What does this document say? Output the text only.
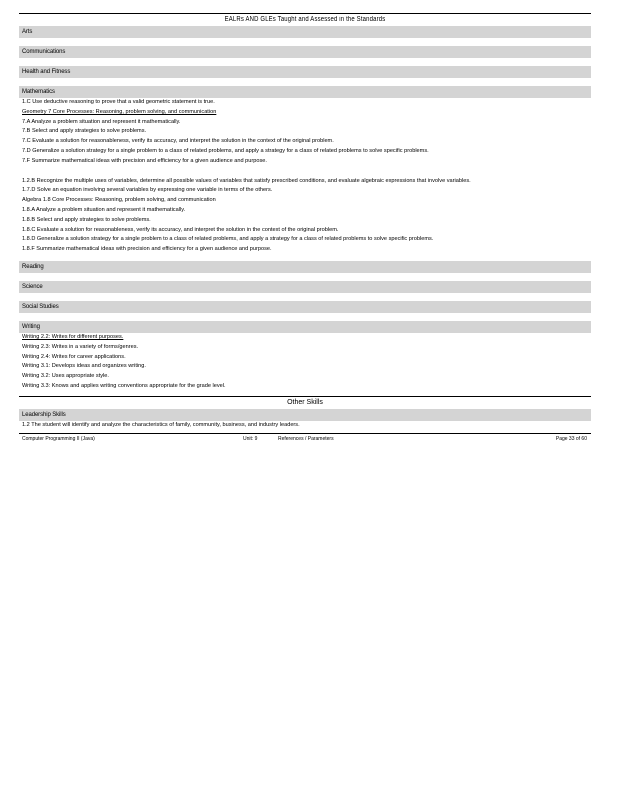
EALRs AND GLEs Taught and Assessed in the Standards
Arts
Communications
Health and Fitness
Mathematics
1.C Use deductive reasoning to prove that a valid geometric statement is true.
Geometry 7 Core Processes: Reasoning, problem solving, and communication
7.A Analyze a problem situation and represent it mathematically.
7.B Select and apply strategies to solve problems.
7.C Evaluate a solution for reasonableness, verify its accuracy, and interpret the solution in the context of the original problem.
7.D Generalize a solution strategy for a single problem to a class of related problems, and apply a strategy for a class of related problems to solve specific problems.
7.F Summarize mathematical ideas with precision and efficiency for a given audience and purpose.
1.2.B Recognize the multiple uses of variables, determine all possible values of variables that satisfy prescribed conditions, and evaluate algebraic expressions that involve variables.
1.7.D Solve an equation involving several variables by expressing one variable in terms of the others.
Algebra 1.8 Core Processes: Reasoning, problem solving, and communication
1.8.A Analyze a problem situation and represent it mathematically.
1.8.B Select and apply strategies to solve problems.
1.8.C Evaluate a solution for reasonableness, verify its accuracy, and interpret the solution in the context of the original problem.
1.8.D Generalize a solution strategy for a single problem to a class of related problems, and apply a strategy for a class of related problems to solve specific problems.
1.8.F Summarize mathematical ideas with precision and efficiency for a given audience and purpose.
Reading
Science
Social Studies
Writing
Writing 2.2: Writes for different purposes.
Writing 2.3: Writes in a variety of forms/genres.
Writing 2.4: Writes for career applications.
Writing 3.1: Develops ideas and organizes writing.
Writing 3.2: Uses appropriate style.
Writing 3.3: Knows and applies writing conventions appropriate for the grade level.
Other Skills
Leadership Skills
1.2 The student will identify and analyze the characteristics of family, community, business, and industry leaders.
Computer Programming II (Java)	Unit: 9	References / Parameters	Page 33 of 60
